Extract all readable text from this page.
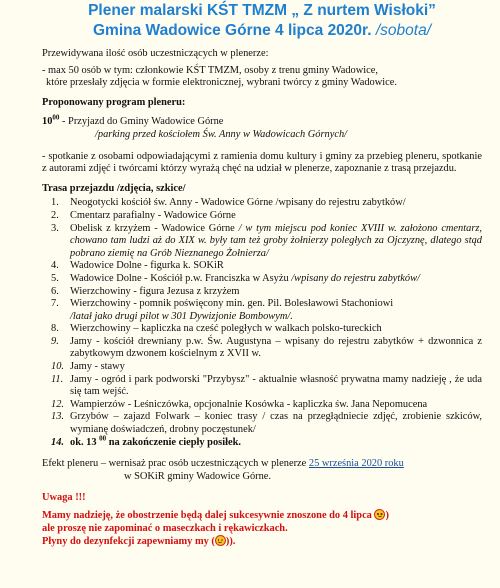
Plener malarski KŚT TMZM „ Z nurtem Wisłoki”

Gmina Wadowice Górne 4 lipca 2020r. /sobota/

Przewidywana ilość osób uczestniczących w plenerze:

- max 50 osób w tym: członkowie KŚT TMZM, osoby z trenu gminy Wadowice,

które przesłały zdjęcia w formie elektronicznej, wybrani twórcy z gminy Wadowice.

Proponowany program pleneru:

$10^{00}$ - Przyjazd do Gminy Wadowice Górne

/parking przed kościołem Św. Anny w Wadowicach Górnych/

- spotkanie z osobami odpowiadającymi z ramienia domu kultury i gminy za przebieg pleneru, spotkanie z autorami zdjęć i twórcami którzy wyrażą chęć na udział w plenerze, zapoznanie z trasą przejazdu.

Trasa przejazdu /zdjęcia, szkice/

1. Neogotycki kościół św. Anny - Wadowice Górne /wpisany do rejestru zabytków/
2. Cmentarz parafialny - Wadowice Górne
3. Obelisk z krzyżem - Wadowice Górne / w tym miejscu pod koniec XVIII w. założono cmentarz, chowano tam ludzi aż do XIX w. były tam też groby żołnierzy poległych za Ojczyznę, dlatego stąd pobrano ziemię na Grób Nieznanego Żołnierza/
4. Wadowice Dolne - figurka k. SOKiR
5. Wadowice Dolne - Kościół p.w. Franciszka w Asyżu /wpisany do rejestru zabytków/
6. Wierzchowiny - figura Jezusa z krzyżem
7. Wierzchowiny - pomnik poświęcony min. gen. Pil. Bolesławowi Stachoniowi
/latał jako drugi pilot w 301 Dywizjonie Bombowym/.
8. Wierzchowiny – kapliczka na cześć poległych w walkach polsko-tureckich
9. Jamy - kościół drewniany p.w. Św. Augustyna – wpisany do rejestru zabytków + dzwonnica z zabytkowym dzwonem kościelnym z XVII w.
10. Jamy - stawy
11. Jamy - ogród i park podworski "Przybysz" - aktualnie własność prywatna mamy nadzieję , że uda się tam wejść.
12. Wampierzów - Leśniczówka, opcjonalnie Kosówka - kapliczka św. Jana Nepomucena
13. Grzybów – zajazd Folwark – koniec trasy / czas na przegłądniecie zdjęć, zrobienie szkiców, wymianę doświadczeń, drobny poczęstunek/
14. ok. 13 $^{00}$ na zakończenie ciepły posiłek.

Efekt pleneru – wernisaż prac osób uczestniczących w plenerze 25 września 2020 roku

w SOKiR gminy Wadowice Górne.

Uwaga !!!

Mamy nadzieję, że obostrzenie będą dalej sukcesywnie znoszone do 4 lipca )

ale proszę nie zapominać o maseczkach i rękawiczkach.

Płyny do dezynfekcji zapewniamy my ( )).
